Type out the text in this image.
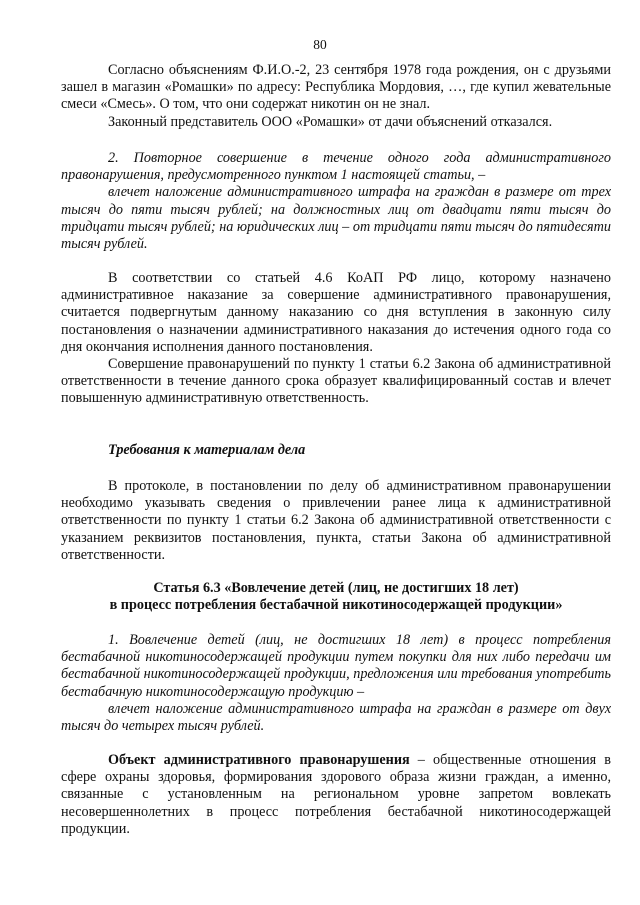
80

Согласно объяснениям Ф.И.О.-2, 23 сентября 1978 года рождения, он с друзьями зашел в магазин «Ромашки» по адресу: Республика Мордовия, …, где купил жевательные смеси «Смесь». О том, что они содержат никотин он не знал.

Законный представитель ООО «Ромашки» от дачи объяснений отказался.

2. Повторное совершение в течение одного года административного правонарушения, предусмотренного пунктом 1 настоящей статьи, –

влечет наложение административного штрафа на граждан в размере от трех тысяч до пяти тысяч рублей; на должностных лиц от двадцати пяти тысяч до тридцати тысяч рублей; на юридических лиц – от тридцати пяти тысяч до пятидесяти тысяч рублей.

В соответствии со статьей 4.6 КоАП РФ лицо, которому назначено административное наказание за совершение административного правонарушения, считается подвергнутым данному наказанию со дня вступления в законную силу постановления о назначении административного наказания до истечения одного года со дня окончания исполнения данного постановления.

Совершение правонарушений по пункту 1 статьи 6.2 Закона об административной ответственности в течение данного срока образует квалифицированный состав и влечет повышенную административную ответственность.

Требования к материалам дела

В протоколе, в постановлении по делу об административном правонарушении необходимо указывать сведения о привлечении ранее лица к административной ответственности по пункту 1 статьи 6.2 Закона об административной ответственности с указанием реквизитов постановления, пункта, статьи Закона об административной ответственности.

Статья 6.3 «Вовлечение детей (лиц, не достигших 18 лет)

в процесс потребления бестабачной никотиносодержащей продукции»

1. Вовлечение детей (лиц, не достигших 18 лет) в процесс потребления бестабачной никотиносодержащей продукции путем покупки для них либо передачи им бестабачной никотиносодержащей продукции, предложения или требования употребить бестабачную никотиносодержащую продукцию –

влечет наложение административного штрафа на граждан в размере от двух тысяч до четырех тысяч рублей.

Объект административного правонарушения – общественные отношения в сфере охраны здоровья, формирования здорового образа жизни граждан, а именно, связанные с установленным на региональном уровне запретом вовлекать несовершеннолетних в процесс потребления бестабачной никотиносодержащей продукции.
